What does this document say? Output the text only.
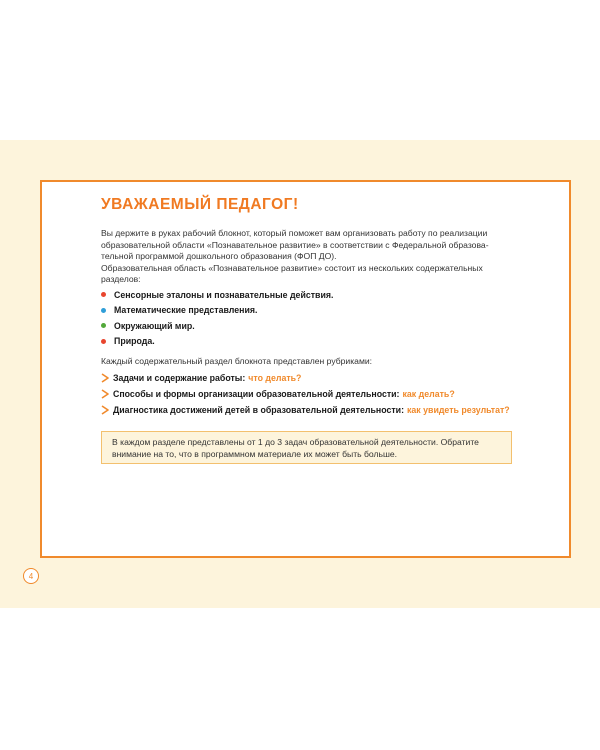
УВАЖАЕМЫЙ ПЕДАГОГ!

Вы держите в руках рабочий блокнот, который поможет вам организовать работу по реализации
образовательной области «Познавательное развитие» в соответствии с Федеральной образова-
тельной программой дошкольного образования (ФОП ДО).
Образовательная область «Познавательное развитие» состоит из нескольких содержательных
разделов:

Сенсорные эталоны и познавательные действия.
Математические представления.
Окружающий мир.
Природа.

Каждый содержательный раздел блокнота представлен рубриками:

Задачи и содержание работы: что делать?
Способы и формы организации образовательной деятельности: как делать?
Диагностика достижений детей в образовательной деятельности: как увидеть результат?
В каждом разделе представлены от 1 до 3 задач образовательной деятельности. Обратите внимание на то, что в программном материале их может быть больше.
4
